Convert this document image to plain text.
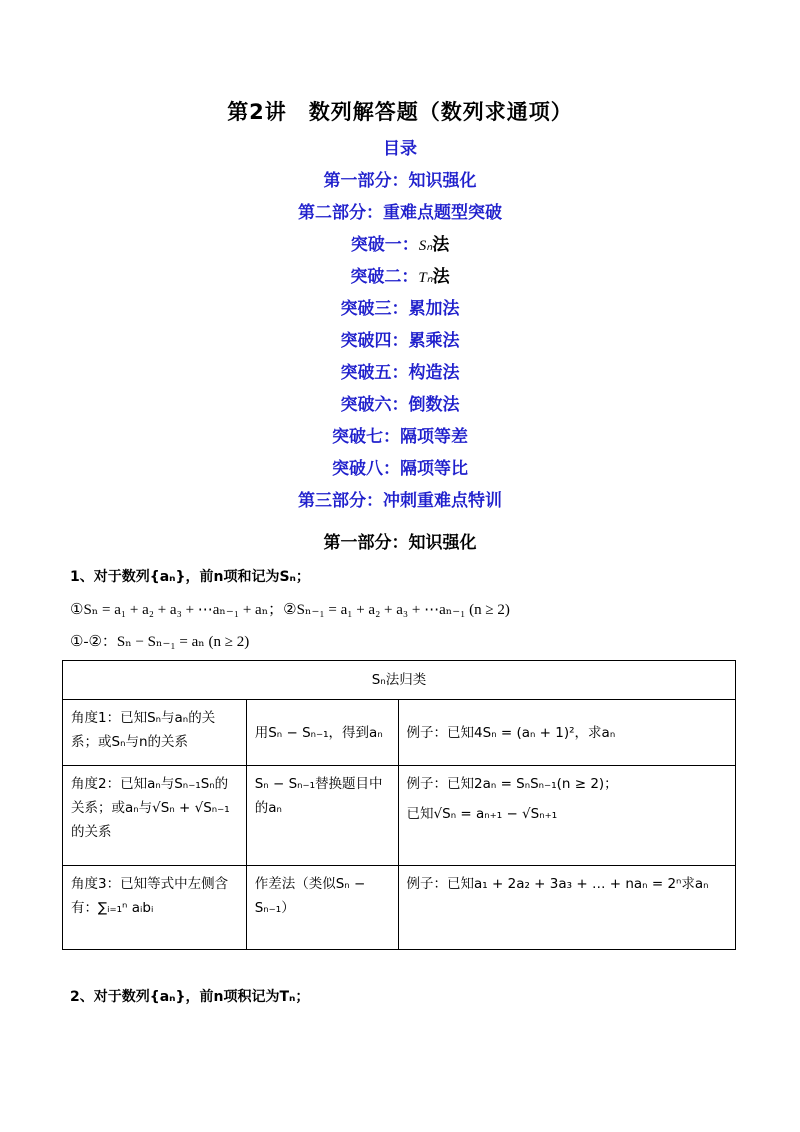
第2讲　数列解答题（数列求通项）
目录
第一部分：知识强化
第二部分：重难点题型突破
突破一：Sₙ法
突破二：Tₙ法
突破三：累加法
突破四：累乘法
突破五：构造法
突破六：倒数法
突破七：隔项等差
突破八：隔项等比
第三部分：冲刺重难点特训
第一部分：知识强化
1、对于数列{aₙ}，前n项和记为Sₙ；
①Sₙ = a₁ + a₂ + a₃ + ⋯aₙ₋₁ + aₙ；②Sₙ₋₁ = a₁ + a₂ + a₃ + ⋯aₙ₋₁ (n ≥ 2)
①-②：Sₙ − Sₙ₋₁ = aₙ (n ≥ 2)
Sₙ法归类		
角度1：已知Sₙ与aₙ的关系；或Sₙ与n的关系	用Sₙ − Sₙ₋₁，得到aₙ	例子：已知4Sₙ = (aₙ + 1)²，求aₙ

角度2：已知aₙ与Sₙ₋₁Sₙ的关系；或aₙ与√Sₙ + √Sₙ₋₁的关系	Sₙ − Sₙ₋₁替换题目中的aₙ	例子：已知2aₙ = SₙSₙ₋₁(n ≥ 2)；
已知√Sₙ = aₙ₊₁ − √Sₙ₊₁

角度3：已知等式中左侧含有：∑ᵢ₌₁ⁿ aᵢbᵢ	作差法（类似Sₙ − Sₙ₋₁）	例子：已知a₁ + 2a₂ + 3a₃ + … + naₙ = 2ⁿ求aₙ
2、对于数列{aₙ}，前n项积记为Tₙ；
